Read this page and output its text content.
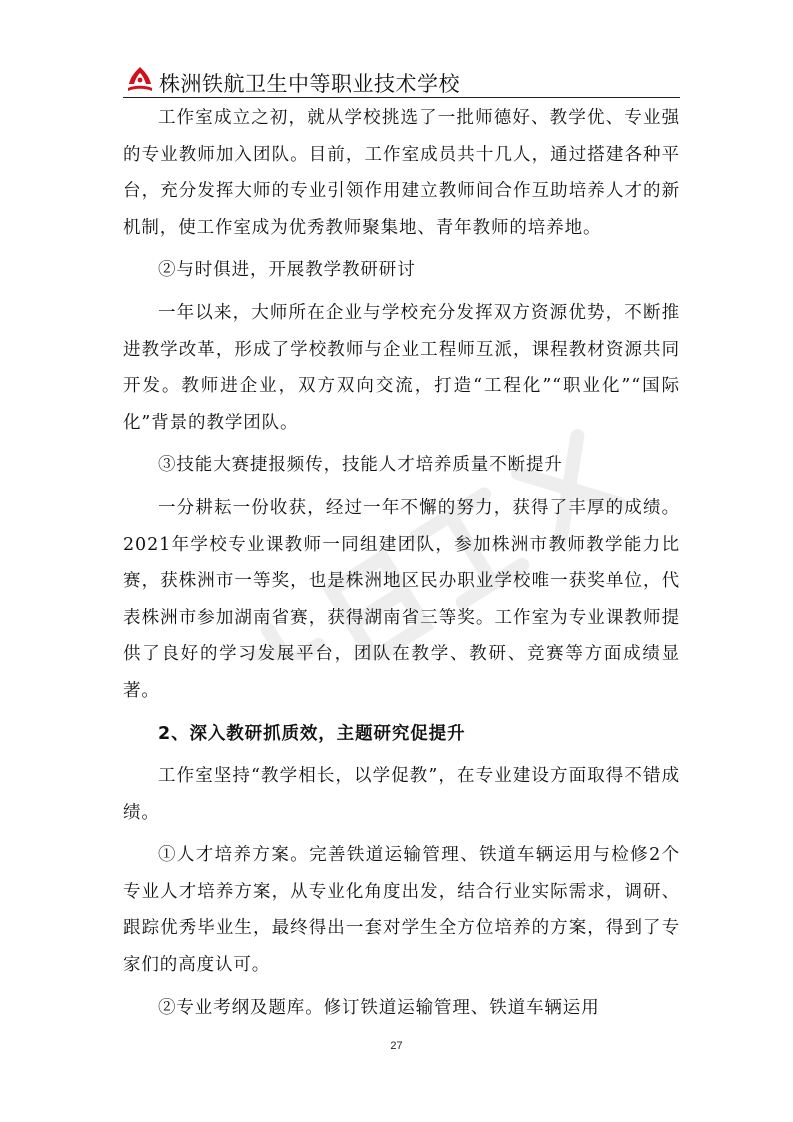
株洲铁航卫生中等职业技术学校

工作室成立之初，就从学校挑选了一批师德好、教学优、专业强的专业教师加入团队。目前，工作室成员共十几人，通过搭建各种平台，充分发挥大师的专业引领作用建立教师间合作互助培养人才的新机制，使工作室成为优秀教师聚集地、青年教师的培养地。

②与时俱进，开展教学教研研讨

一年以来，大师所在企业与学校充分发挥双方资源优势，不断推进教学改革，形成了学校教师与企业工程师互派，课程教材资源共同开发。教师进企业，双方双向交流，打造“工程化”“职业化”“国际化”背景的教学团队。

③技能大赛捷报频传，技能人才培养质量不断提升

一分耕耘一份收获，经过一年不懈的努力，获得了丰厚的成绩。2021年学校专业课教师一同组建团队，参加株洲市教师教学能力比赛，获株洲市一等奖，也是株洲地区民办职业学校唯一获奖单位，代表株洲市参加湖南省赛，获得湖南省三等奖。工作室为专业课教师提供了良好的学习发展平台，团队在教学、教研、竞赛等方面成绩显著。

2、深入教研抓质效，主题研究促提升

工作室坚持“教学相长，以学促教”，在专业建设方面取得不错成绩。

①人才培养方案。完善铁道运输管理、铁道车辆运用与检修2个专业人才培养方案，从专业化角度出发，结合行业实际需求，调研、跟踪优秀毕业生，最终得出一套对学生全方位培养的方案，得到了专家们的高度认可。

②专业考纲及题库。修订铁道运输管理、铁道车辆运用

27
